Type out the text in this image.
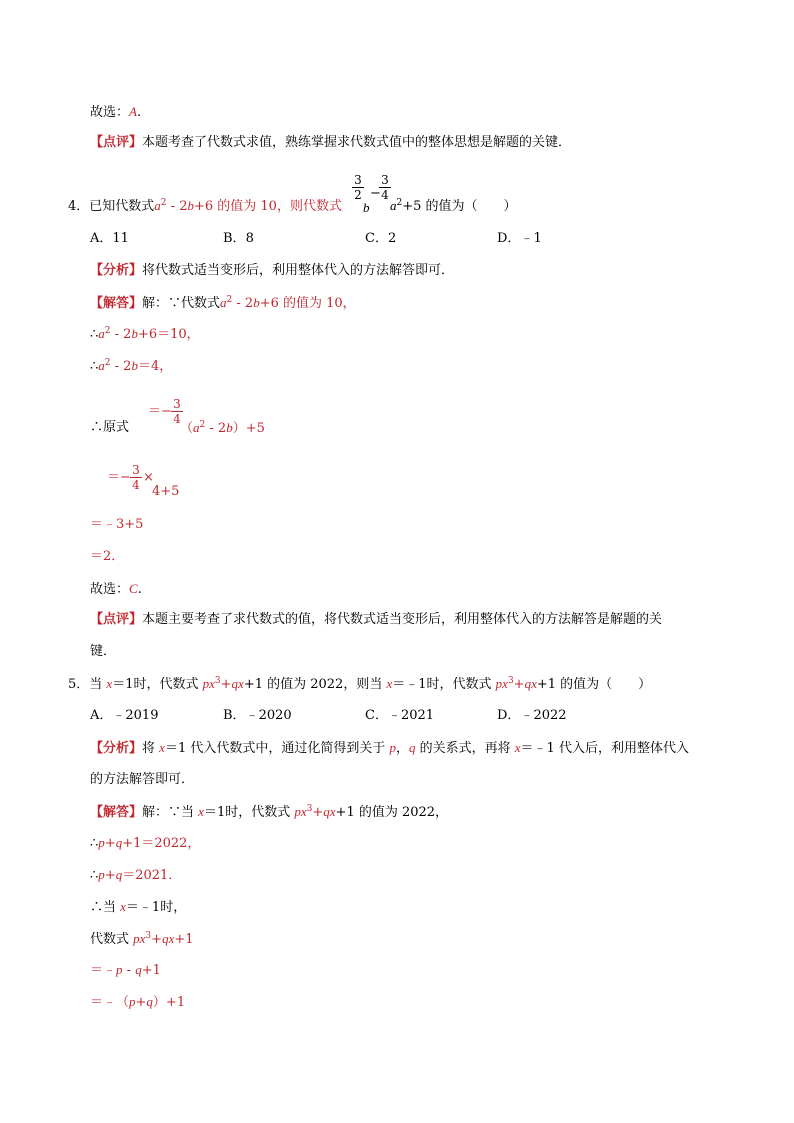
故选：A.
【点评】本题考查了代数式求值，熟练掌握求代数式值中的整体思想是解题的关键．
4．已知代数式$a^2 - 2b+6$ 的值为 10，则代数式
3
2
b
−
3
4
$a^2+5$ 的值为（　　）
A．11	B．8	C．2	D．﹣1
【分析】将代数式适当变形后，利用整体代入的方法解答即可．
【解答】解：∵代数式$a^2 - 2b+6$ 的值为 10，
$\therefore a^2 - 2b+6=10$，
$\therefore a^2 - 2b=4$，
∴原式
＝− 3
4
$(a^2 - 2b)+5$
＝− 3
4 ×
4+5
＝﹣3+5
＝2．
故选：C.
【点评】本题主要考查了求代数式的值，将代数式适当变形后，利用整体代入的方法解答是解题的关
键．
5．当 x＝1时，代数式 $px^3+qx+1$ 的值为 2022，则当 x＝﹣1时，代数式 $px^3+qx+1$ 的值为（　　）
A．﹣2019	B．﹣2020	C．﹣2021	D．﹣2022
【分析】将 x＝1 代入代数式中，通过化简得到关于 p，q 的关系式，再将 x＝﹣1 代入后，利用整体代入
的方法解答即可．
【解答】解：∵当 x＝1时，代数式 $px^3+qx+1$ 的值为 2022，
∴p+q+1＝2022，
∴p+q＝2021．
∴当 x＝﹣1时，
代数式 $px^3+qx+1$
＝﹣p - q+1
＝﹣（p+q）+1
